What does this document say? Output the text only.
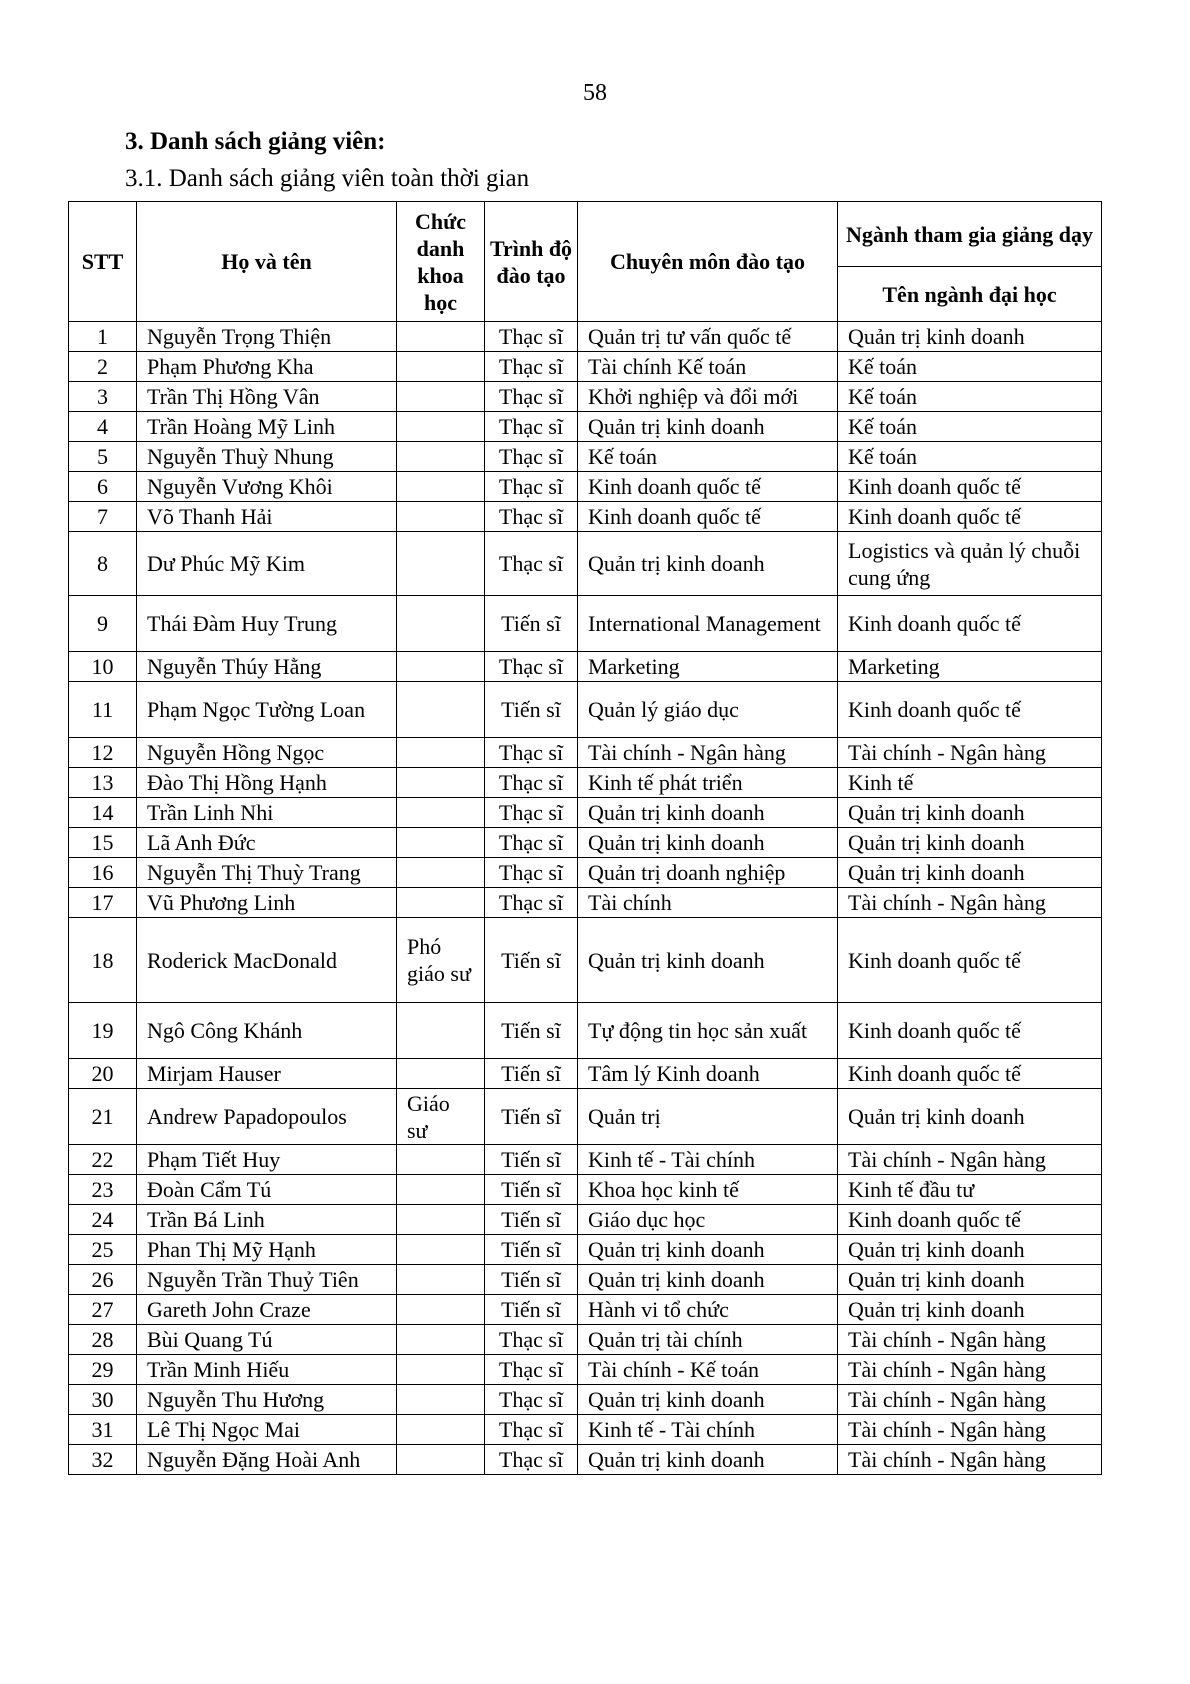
58
3. Danh sách giảng viên:
3.1. Danh sách giảng viên toàn thời gian
STT	Họ và tên	Chức danh khoa học	Trình độ đào tạo	Chuyên môn đào tạo	Ngành tham gia giảng dạy
					Tên ngành đại học
1	Nguyễn Trọng Thiện		Thạc sĩ	Quản trị tư vấn quốc tế	Quản trị kinh doanh
2	Phạm Phương Kha		Thạc sĩ	Tài chính Kế toán	Kế toán
3	Trần Thị Hồng Vân		Thạc sĩ	Khởi nghiệp và đổi mới	Kế toán
4	Trần Hoàng Mỹ Linh		Thạc sĩ	Quản trị kinh doanh	Kế toán
5	Nguyễn Thuỳ Nhung		Thạc sĩ	Kế toán	Kế toán
6	Nguyễn Vương Khôi		Thạc sĩ	Kinh doanh quốc tế	Kinh doanh quốc tế
7	Võ Thanh Hải		Thạc sĩ	Kinh doanh quốc tế	Kinh doanh quốc tế
8	Dư Phúc Mỹ Kim		Thạc sĩ	Quản trị kinh doanh	Logistics và quản lý chuỗi cung ứng
9	Thái Đàm Huy Trung		Tiến sĩ	International Management	Kinh doanh quốc tế
10	Nguyễn Thúy Hằng		Thạc sĩ	Marketing	Marketing
11	Phạm Ngọc Tường Loan		Tiến sĩ	Quản lý giáo dục	Kinh doanh quốc tế
12	Nguyễn Hồng Ngọc		Thạc sĩ	Tài chính - Ngân hàng	Tài chính - Ngân hàng
13	Đào Thị Hồng Hạnh		Thạc sĩ	Kinh tế phát triển	Kinh tế
14	Trần Linh Nhi		Thạc sĩ	Quản trị kinh doanh	Quản trị kinh doanh
15	Lã Anh Đức		Thạc sĩ	Quản trị kinh doanh	Quản trị kinh doanh
16	Nguyễn Thị Thuỳ Trang		Thạc sĩ	Quản trị doanh nghiệp	Quản trị kinh doanh
17	Vũ Phương Linh		Thạc sĩ	Tài chính	Tài chính - Ngân hàng
18	Roderick MacDonald	Phó giáo sư	Tiến sĩ	Quản trị kinh doanh	Kinh doanh quốc tế
19	Ngô Công Khánh		Tiến sĩ	Tự động tin học sản xuất	Kinh doanh quốc tế
20	Mirjam Hauser		Tiến sĩ	Tâm lý Kinh doanh	Kinh doanh quốc tế
21	Andrew Papadopoulos	Giáo sư	Tiến sĩ	Quản trị	Quản trị kinh doanh
22	Phạm Tiết Huy		Tiến sĩ	Kinh tế - Tài chính	Tài chính - Ngân hàng
23	Đoàn Cẩm Tú		Tiến sĩ	Khoa học kinh tế	Kinh tế đầu tư
24	Trần Bá Linh		Tiến sĩ	Giáo dục học	Kinh doanh quốc tế
25	Phan Thị Mỹ Hạnh		Tiến sĩ	Quản trị kinh doanh	Quản trị kinh doanh
26	Nguyễn Trần Thuỷ Tiên		Tiến sĩ	Quản trị kinh doanh	Quản trị kinh doanh
27	Gareth John Craze		Tiến sĩ	Hành vi tổ chức	Quản trị kinh doanh
28	Bùi Quang Tú		Thạc sĩ	Quản trị tài chính	Tài chính - Ngân hàng
29	Trần Minh Hiếu		Thạc sĩ	Tài chính - Kế toán	Tài chính - Ngân hàng
30	Nguyễn Thu Hương		Thạc sĩ	Quản trị kinh doanh	Tài chính - Ngân hàng
31	Lê Thị Ngọc Mai		Thạc sĩ	Kinh tế - Tài chính	Tài chính - Ngân hàng
32	Nguyễn Đặng Hoài Anh		Thạc sĩ	Quản trị kinh doanh	Tài chính - Ngân hàng
